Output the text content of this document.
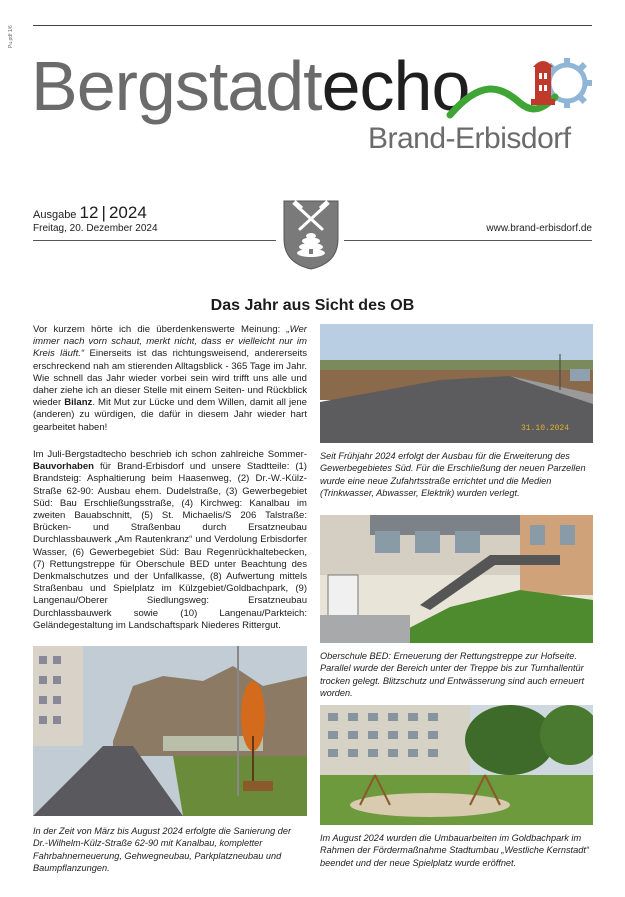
Pu.pdf 1/6
Bergstadtecho
Brand-Erbisdorf
Ausgabe 12 | 2024
Freitag, 20. Dezember 2024	www.brand-erbisdorf.de
Das Jahr aus Sicht des OB
Vor kurzem hörte ich die überdenkenswerte Meinung: „Wer immer nach vorn schaut, merkt nicht, dass er vielleicht nur im Kreis läuft.“ Einerseits ist das richtungsweisend, andererseits erschreckend nah am stierenden Alltagsblick - 365 Tage im Jahr. Wie schnell das Jahr wieder vorbei sein wird trifft uns alle und daher ziehe ich an dieser Stelle mit einem Seiten- und Rückblick wieder Bilanz. Mit Mut zur Lücke und dem Willen, damit all jene (anderen) zu würdigen, die dafür in diesem Jahr wieder hart gearbeitet haben!
Im Juli-Bergstadtecho beschrieb ich schon zahlreiche Sommer-Bauvorhaben für Brand-Erbisdorf und unsere Stadtteile: (1) Brandsteig: Asphaltierung beim Haasenweg, (2) Dr.-W.-Külz-Straße 62-90: Ausbau ehem. Dudelstraße, (3) Gewerbegebiet Süd: Bau Erschließungsstraße, (4) Kirchweg: Kanalbau im zweiten Bauabschnitt, (5) St. Michaelis/S 206 Talstraße: Brücken- und Straßenbau durch Ersatzneubau Durchlassbauwerk „Am Rautenkranz“ und Verdolung Erbisdorfer Wasser, (6) Gewerbegebiet Süd: Bau Regenrückhaltebecken, (7) Rettungstreppe für Oberschule BED unter Beachtung des Denkmalschutzes und der Unfallkasse, (8) Aufwertung mittels Straßenbau und Spielplatz im Külzgebiet/Goldbachpark, (9) Langenau/Oberer Siedlungsweg: Ersatzneubau Durchlassbauwerk sowie (10) Langenau/Parkteich: Geländegestaltung im Landschaftspark Niederes Rittergut.
31.10.2024
Seit Frühjahr 2024 erfolgt der Ausbau für die Erweiterung des Gewerbegebietes Süd. Für die Erschließung der neuen Parzellen wurde eine neue Zufahrtsstraße errichtet und die Medien (Trinkwasser, Abwasser, Elektrik) wurden verlegt.
Oberschule BED: Erneuerung der Rettungstreppe zur Hofseite. Parallel wurde der Bereich unter der Treppe bis zur Turnhallentür trocken gelegt. Blitzschutz und Entwässerung sind auch erneuert worden.
In der Zeit von März bis August 2024 erfolgte die Sanierung der Dr.-Wilhelm-Külz-Straße 62-90 mit Kanalbau, kompletter Fahrbahnerneuerung, Gehwegneubau, Parkplatzneubau und Baumpflanzungen.
Im August 2024 wurden die Umbauarbeiten im Goldbachpark im Rahmen der Fördermaßnahme Stadtumbau „Westliche Kernstadt“ beendet und der neue Spielplatz wurde eröffnet.
